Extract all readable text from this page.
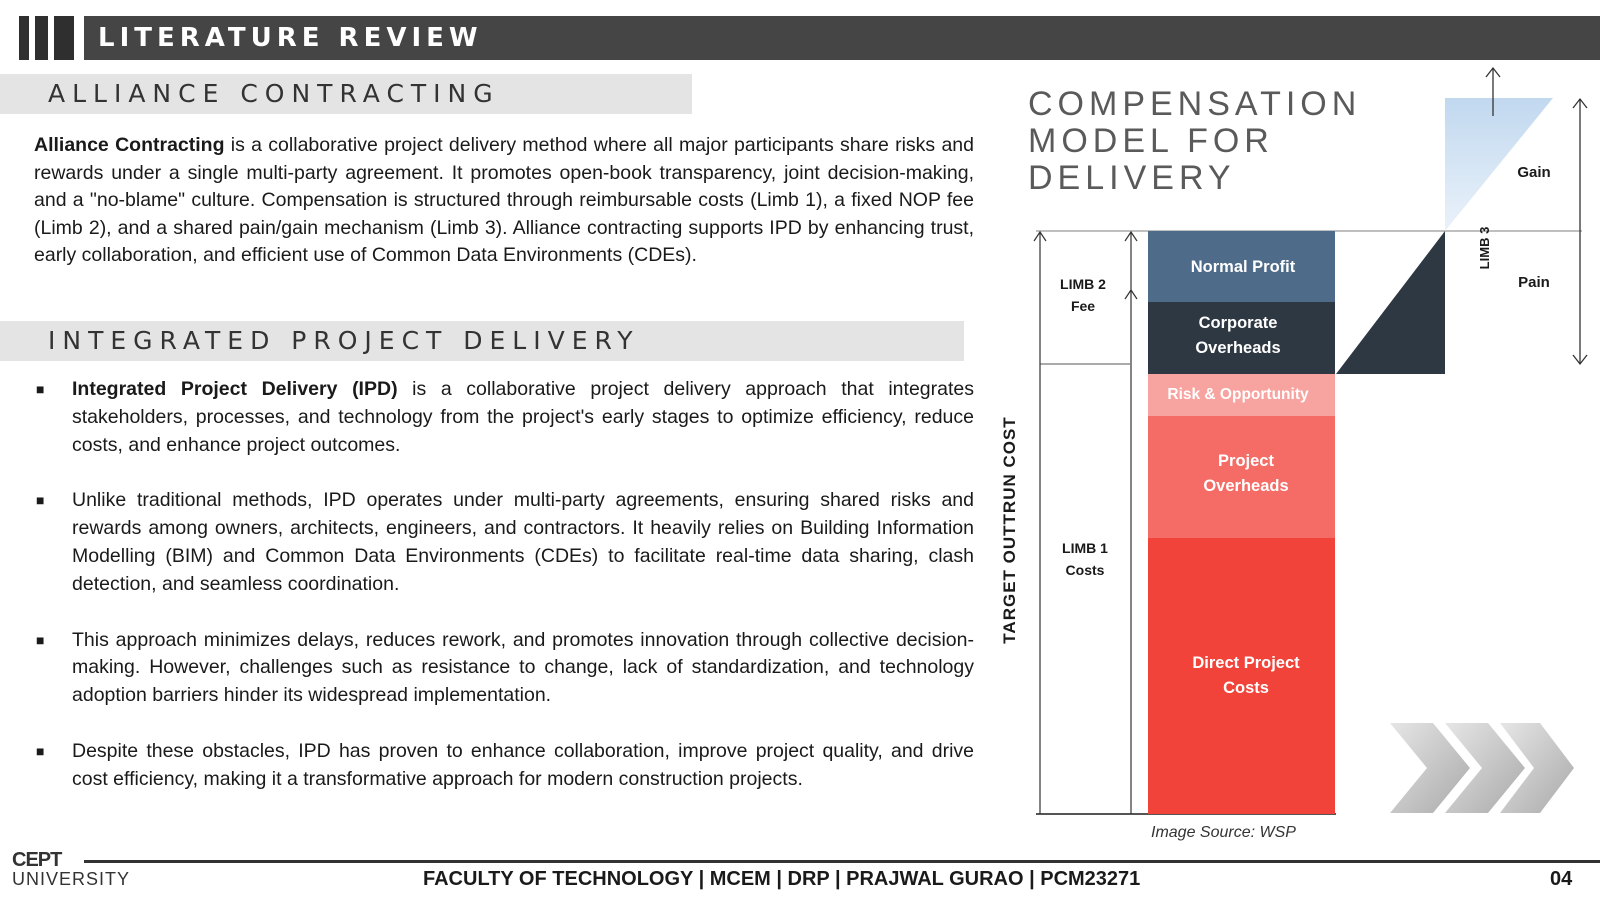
LITERATURE REVIEW
ALLIANCE CONTRACTING
Alliance Contracting is a collaborative project delivery method where all major participants share risks and rewards under a single multi-party agreement. It promotes open-book transparency, joint decision-making, and a "no-blame" culture. Compensation is structured through reimbursable costs (Limb 1), a fixed NOP fee (Limb 2), and a shared pain/gain mechanism (Limb 3). Alliance contracting supports IPD by enhancing trust, early collaboration, and efficient use of Common Data Environments (CDEs).
INTEGRATED PROJECT DELIVERY
■ Integrated Project Delivery (IPD) is a collaborative project delivery approach that integrates stakeholders, processes, and technology from the project's early stages to optimize efficiency, reduce costs, and enhance project outcomes.
■ Unlike traditional methods, IPD operates under multi-party agreements, ensuring shared risks and rewards among owners, architects, engineers, and contractors. It heavily relies on Building Information Modelling (BIM) and Common Data Environments (CDEs) to facilitate real-time data sharing, clash detection, and seamless coordination.
■ This approach minimizes delays, reduces rework, and promotes innovation through collective decision-making. However, challenges such as resistance to change, lack of standardization, and technology adoption barriers hinder its widespread implementation.
■ Despite these obstacles, IPD has proven to enhance collaboration, improve project quality, and drive cost efficiency, making it a transformative approach for modern construction projects.
COMPENSATION
MODEL FOR
DELIVERY
Normal Profit
Corporate
Overheads
Risk & Opportunity
Project
Overheads
Direct Project
Costs
LIMB 2
Fee
LIMB 1
Costs
LIMB 3
Gain
Pain
TARGET OUTTRUN COST
Image Source: WSP
CEPT
UNIVERSITY	FACULTY OF TECHNOLOGY | MCEM | DRP | PRAJWAL GURAO | PCM23271	04
